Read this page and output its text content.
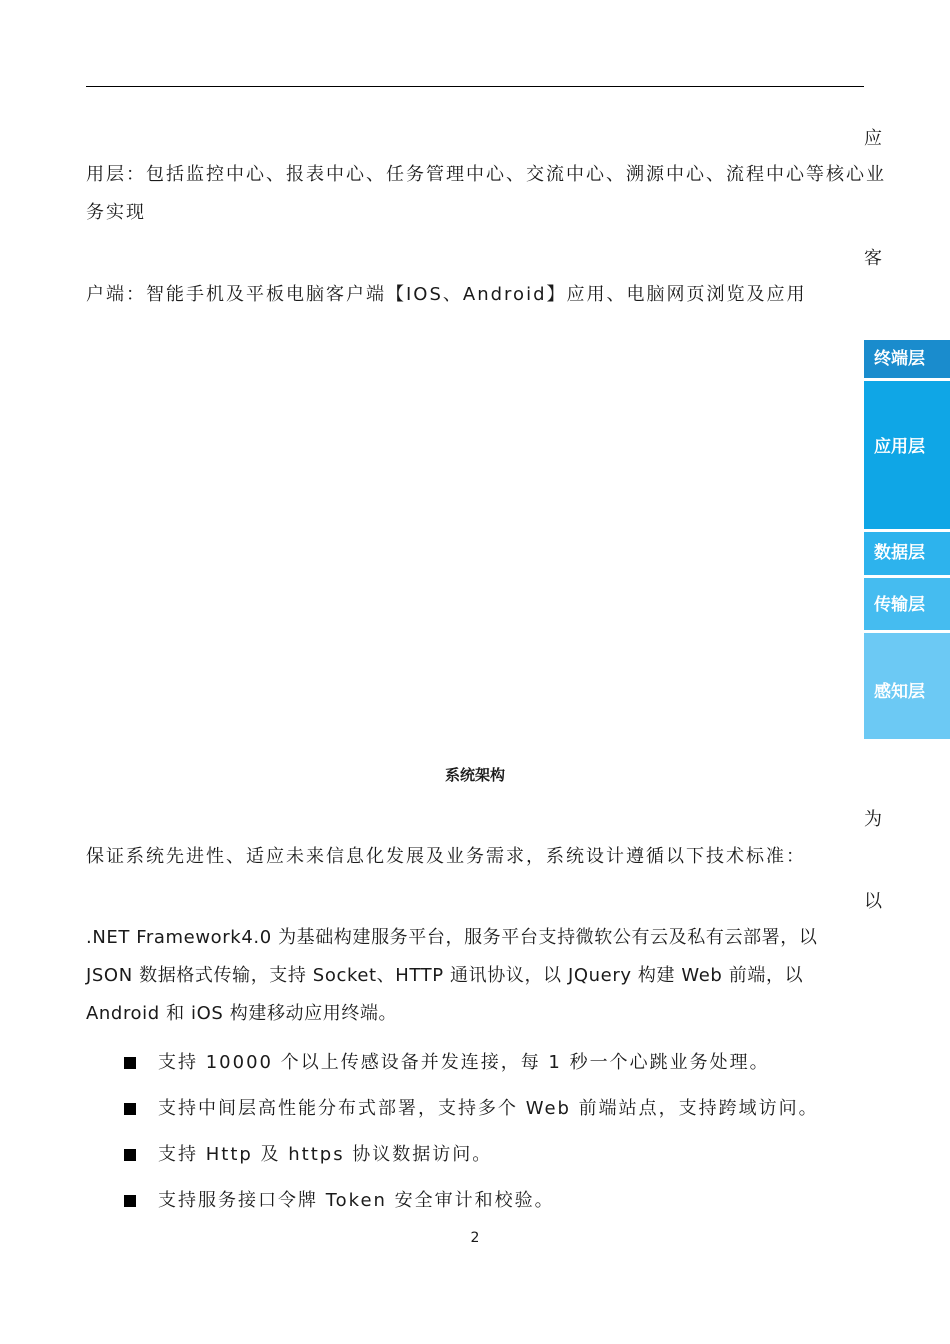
应
用层：包括监控中心、报表中心、任务管理中心、交流中心、溯源中心、流程中心等核心业
务实现
客
户端：智能手机及平板电脑客户端【IOS、Android】应用、电脑网页浏览及应用
终端层
应用层
数据层
传输层
感知层
系统架构
为
保证系统先进性、适应未来信息化发展及业务需求，系统设计遵循以下技术标准：
以
.NET Framework4.0 为基础构建服务平台，服务平台支持微软公有云及私有云部署，以
JSON 数据格式传输，支持 Socket、HTTP 通讯协议，以 JQuery 构建 Web 前端，以
Android 和 iOS 构建移动应用终端。
支持 10000 个以上传感设备并发连接，每 1 秒一个心跳业务处理。
支持中间层高性能分布式部署，支持多个 Web 前端站点，支持跨域访问。
支持 Http 及 https 协议数据访问。
支持服务接口令牌 Token 安全审计和校验。
2
